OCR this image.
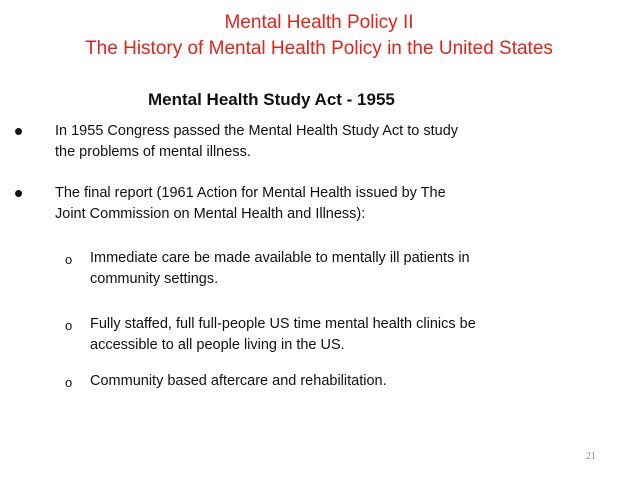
Mental Health Policy II
The History of Mental Health Policy in the United States
Mental Health Study Act - 1955
• In 1955 Congress passed the Mental Health Study Act to study
the problems of mental illness.
• The final report (1961 Action for Mental Health issued by The
Joint Commission on Mental Health and Illness):
o Immediate care be made available to mentally ill patients in
community settings.
o Fully staffed, full full-people US time mental health clinics be
accessible to all people living in the US.
o Community based aftercare and rehabilitation.
21
